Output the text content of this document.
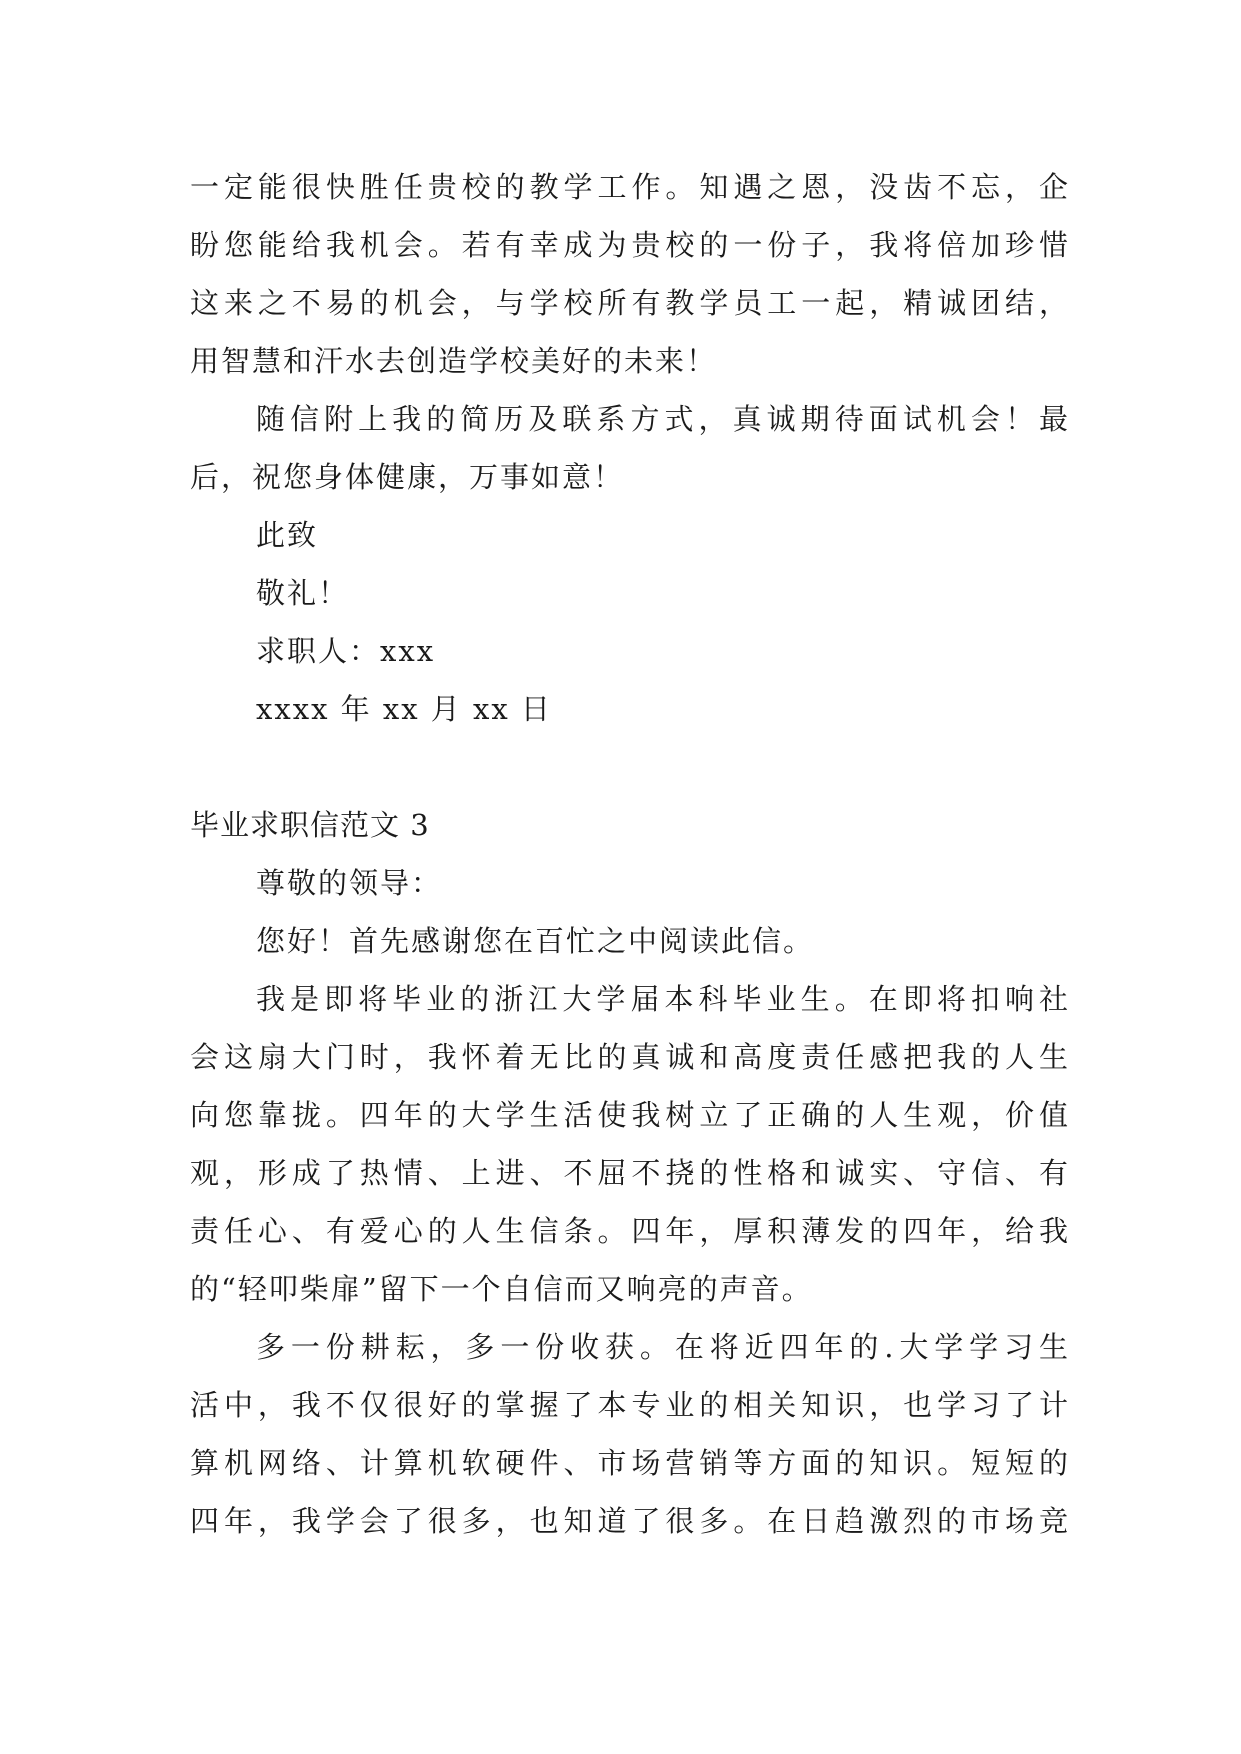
一定能很快胜任贵校的教学工作。知遇之恩，没齿不忘，企
盼您能给我机会。若有幸成为贵校的一份子，我将倍加珍惜
这来之不易的机会，与学校所有教学员工一起，精诚团结，
用智慧和汗水去创造学校美好的未来！
随信附上我的简历及联系方式，真诚期待面试机会！最
后，祝您身体健康，万事如意！
此致
敬礼！
求职人：xxx
xxxx 年 xx 月 xx 日
毕业求职信范文 3
尊敬的领导：
您好！首先感谢您在百忙之中阅读此信。
我是即将毕业的浙江大学届本科毕业生。在即将扣响社
会这扇大门时，我怀着无比的真诚和高度责任感把我的人生
向您靠拢。四年的大学生活使我树立了正确的人生观，价值
观，形成了热情、上进、不屈不挠的性格和诚实、守信、有
责任心、有爱心的人生信条。四年，厚积薄发的四年，给我
的“轻叩柴扉”留下一个自信而又响亮的声音。
多一份耕耘，多一份收获。在将近四年的.大学学习生
活中，我不仅很好的掌握了本专业的相关知识，也学习了计
算机网络、计算机软硬件、市场营销等方面的知识。短短的
四年，我学会了很多，也知道了很多。在日趋激烈的市场竞
